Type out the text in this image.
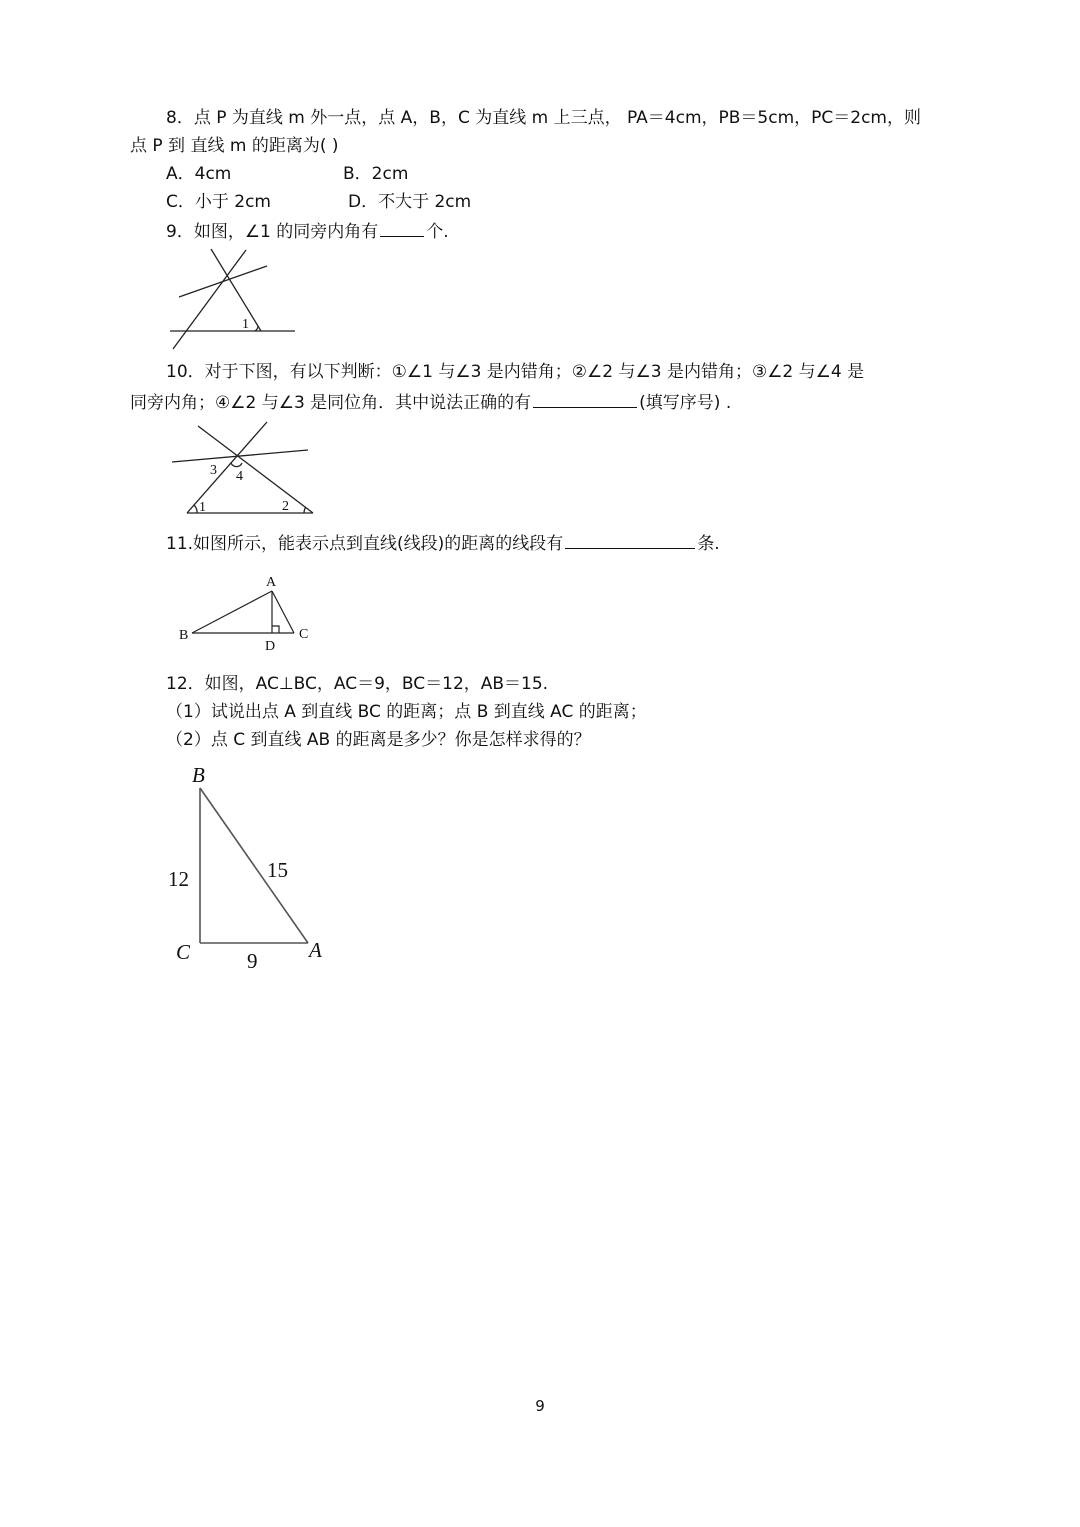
8．点 P 为直线 m 外一点，点 A，B，C 为直线 m 上三点， PA＝4cm，PB＝5cm，PC＝2cm，则
点 P 到 直线 m 的距离为( )
A．4cm	B．2cm
C．小于 2cm	D．不大于 2cm
9．如图，∠1 的同旁内角有	个.
1
10．对于下图，有以下判断：①∠1 与∠3 是内错角；②∠2 与∠3 是内错角；③∠2 与∠4 是
同旁内角；④∠2 与∠3 是同位角．其中说法正确的有	(填写序号) .
1	2
3 4
11.如图所示，能表示点到直线(线段)的距离的线段有	条.
A
B	C
D
12．如图，AC⊥BC，AC＝9，BC＝12，AB＝15.
（1）试说出点 A 到直线 BC 的距离；点 B 到直线 AC 的距离；
（2）点 C 到直线 AB 的距离是多少？你是怎样求得的？
B
C	A
12	15
9
9
